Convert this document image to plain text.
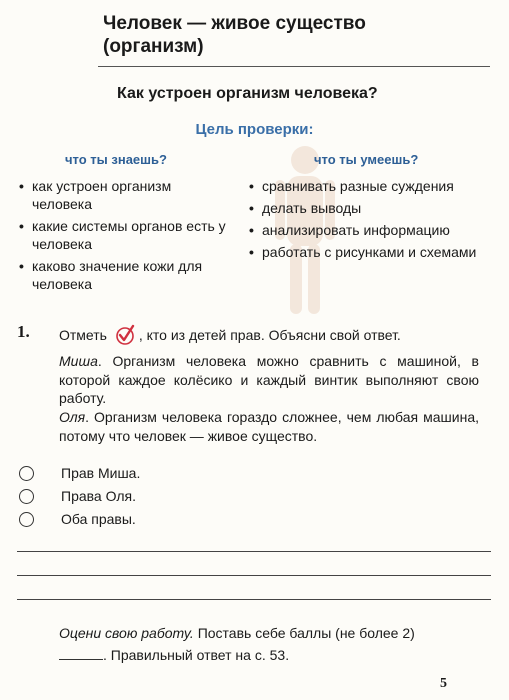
Человек — живое существо
(организм)
Как устроен организм человека?
Цель проверки:
что ты знаешь?	что ты умеешь?
• как устроен организм человека
• какие системы органов есть у человека
• каково значение кожи для человека
• сравнивать разные суждения
• делать выводы
• анализировать информацию
• работать с рисунками и схемами
1. Отметь , кто из детей прав. Объясни свой ответ.
Миша. Организм человека можно сравнить с машиной, в которой каждое колёсико и каждый винтик выполняют свою работу.
Оля. Организм человека гораздо сложнее, чем любая машина, потому что человек — живое существо.
Прав Миша.
Права Оля.
Оба правы.
Оцени свою работу. Поставь себе баллы (не более 2)
. Правильный ответ на с. 53.
5
